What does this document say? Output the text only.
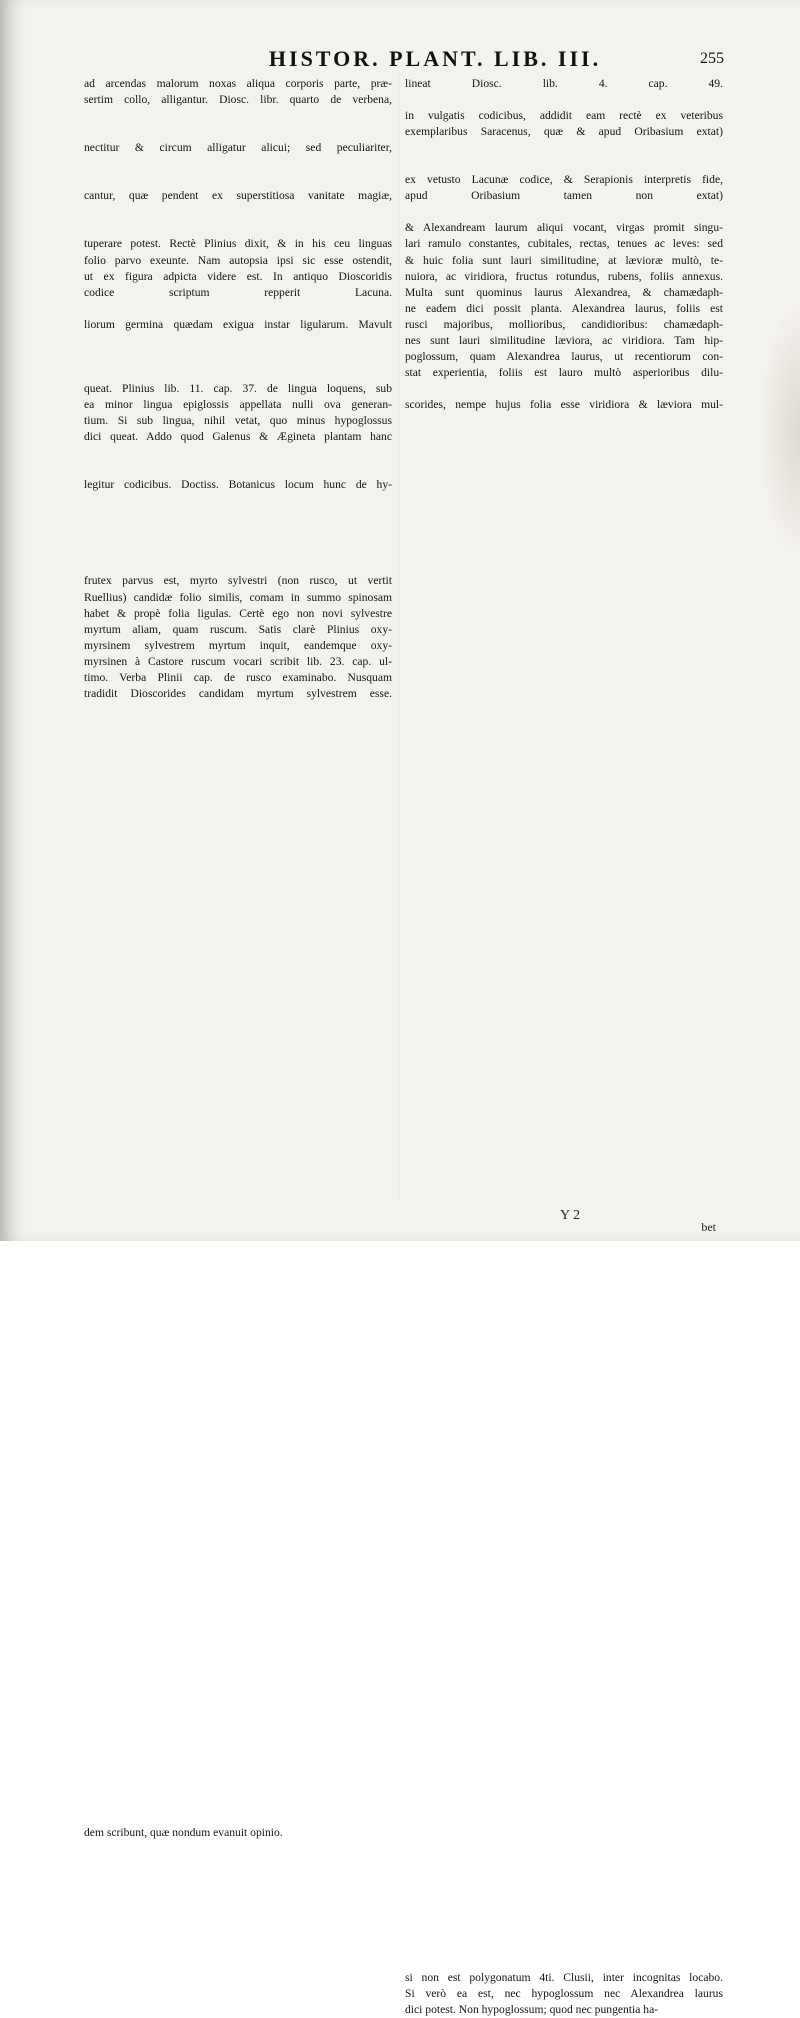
HISTOR. PLANT. LIB. III.	255
ad arcendas malorum noxas aliqua corporis parte, præ-
sertim collo, alligantur. Diosc. libr. quarto de verbena,

nectitur & circum alligatur alicui; sed peculiariter,

cantur, quæ pendent ex superstitiosa vanitate magiæ,

tuperare potest. Rectè Plinius dixit, & in his ceu linguas
folio parvo exeunte. Nam autopsia ipsi sic esse ostendit,
ut ex figura adpicta videre est. In antiquo Dioscoridis
codice scriptum repperit Lacuna.

liorum germina quædam exigua instar ligularum. Mavult

queat. Plinius lib. 11. cap. 37. de lingua loquens, sub
ea minor lingua epiglossis appellata nulli ova generan-
tium. Si sub lingua, nihil vetat, quo minus hypoglossus
dici queat. Addo quod Galenus & Ægineta plantam hanc

legitur codicibus. Doctiss. Botanicus locum hunc de hy-

frutex parvus est, myrto sylvestri (non rusco, ut vertit
Ruellius) candidæ folio similis, comam in summo spinosam
habet & propè folia ligulas. Certè ego non novi sylvestre
myrtum aliam, quam ruscum. Satis clarè Plinius oxy-
myrsinem sylvestrem myrtum inquit, eandemque oxy-
myrsinen à Castore ruscum vocari scribit lib. 23. cap. ul-
timo. Verba Plinii cap. de rusco examinabo. Nusquam
tradidit Dioscorides candidam myrtum sylvestrem esse.

dem scribunt, quæ nondum evanuit opinio.
lineat Diosc. lib. 4. cap. 49.

in vulgatis codicibus, addidit eam rectè ex veteribus
exemplaribus Saracenus, quæ & apud Oribasium extat)

ex vetusto Lacunæ codice, & Serapionis interpretis fide,
apud Oribasium tamen non extat)

& Alexandream laurum aliqui vocant, virgas promit singu-
lari ramulo constantes, cubitales, rectas, tenues ac leves: sed
& huic folia sunt lauri similitudine, at lævioræ multò, te-
nuiora, ac viridiora, fructus rotundus, rubens, foliis annexus.
Multa sunt quominus laurus Alexandrea, & chamædaph-
ne eadem dici possit planta. Alexandrea laurus, foliis est
rusci majoribus, mollioribus, candidioribus: chamædaph-
nes sunt lauri similitudine læviora, ac viridiora. Tam hip-
poglossum, quam Alexandrea laurus, ut recentiorum con-
stat experientia, foliis est lauro multò asperioribus dilu-

scorides, nempe hujus folia esse viridiora & læviora mul-

si non est polygonatum 4ti. Clusii, inter incognitas locabo.
Si verò ea est, nec hypoglossum nec Alexandrea laurus
dici potest. Non hypoglossum; quod nec pungentia ha-
Y 2
bet
